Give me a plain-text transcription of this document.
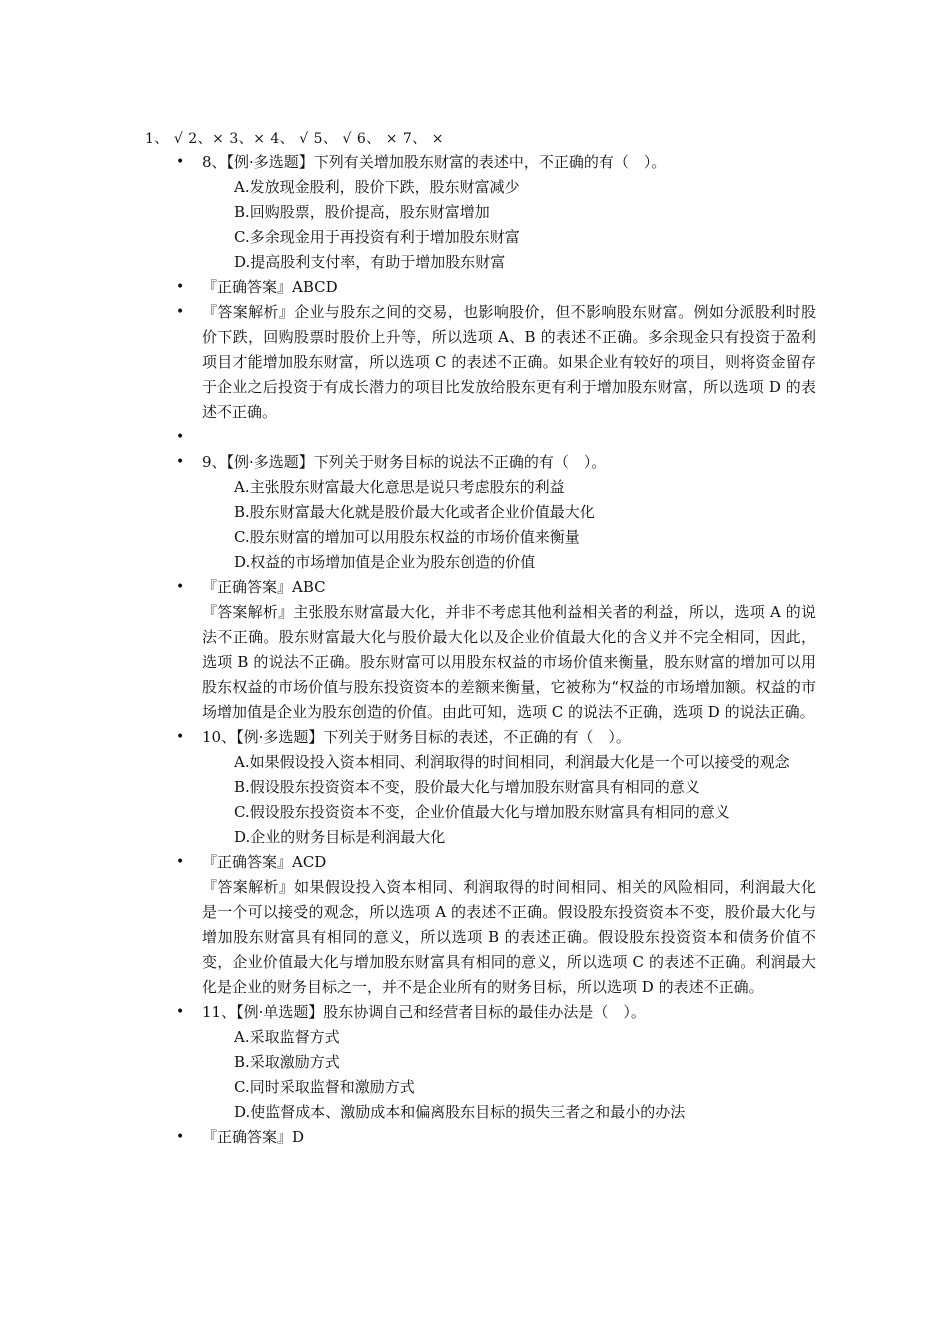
1、 √ 2、× 3、× 4、 √ 5、 √ 6、 × 7、 ×
• 8、【例·多选题】下列有关增加股东财富的表述中，不正确的有（　）。
A.发放现金股利，股价下跌，股东财富减少
B.回购股票，股价提高，股东财富增加
C.多余现金用于再投资有利于增加股东财富
D.提高股利支付率，有助于增加股东财富
• 『正确答案』ABCD
• 『答案解析』企业与股东之间的交易，也影响股价，但不影响股东财富。例如分派股利时股价下跌，回购股票时股价上升等，所以选项 A、B 的表述不正确。多余现金只有投资于盈利项目才能增加股东财富，所以选项 C 的表述不正确。如果企业有较好的项目，则将资金留存于企业之后投资于有成长潜力的项目比发放给股东更有利于增加股东财富，所以选项 D 的表述不正确。
•
• 9、【例·多选题】下列关于财务目标的说法不正确的有（　）。
A.主张股东财富最大化意思是说只考虑股东的利益
B.股东财富最大化就是股价最大化或者企业价值最大化
C.股东财富的增加可以用股东权益的市场价值来衡量
D.权益的市场增加值是企业为股东创造的价值
• 『正确答案』ABC
『答案解析』主张股东财富最大化，并非不考虑其他利益相关者的利益，所以，选项 A 的说法不正确。股东财富最大化与股价最大化以及企业价值最大化的含义并不完全相同，因此，选项 B 的说法不正确。股东财富可以用股东权益的市场价值来衡量，股东财富的增加可以用股东权益的市场价值与股东投资资本的差额来衡量，它被称为“权益的市场增加额。权益的市场增加值是企业为股东创造的价值。由此可知，选项 C 的说法不正确，选项 D 的说法正确。
• 10、【例·多选题】下列关于财务目标的表述，不正确的有（　）。
A.如果假设投入资本相同、利润取得的时间相同，利润最大化是一个可以接受的观念
B.假设股东投资资本不变，股价最大化与增加股东财富具有相同的意义
C.假设股东投资资本不变，企业价值最大化与增加股东财富具有相同的意义
D.企业的财务目标是利润最大化
• 『正确答案』ACD
『答案解析』如果假设投入资本相同、利润取得的时间相同、相关的风险相同，利润最大化是一个可以接受的观念，所以选项 A 的表述不正确。假设股东投资资本不变，股价最大化与增加股东财富具有相同的意义，所以选项 B 的表述正确。假设股东投资资本和债务价值不变，企业价值最大化与增加股东财富具有相同的意义，所以选项 C 的表述不正确。利润最大化是企业的财务目标之一，并不是企业所有的财务目标，所以选项 D 的表述不正确。
• 11、【例·单选题】股东协调自己和经营者目标的最佳办法是（　）。
A.采取监督方式
B.采取激励方式
C.同时采取监督和激励方式
D.使监督成本、激励成本和偏离股东目标的损失三者之和最小的办法
• 『正确答案』D
